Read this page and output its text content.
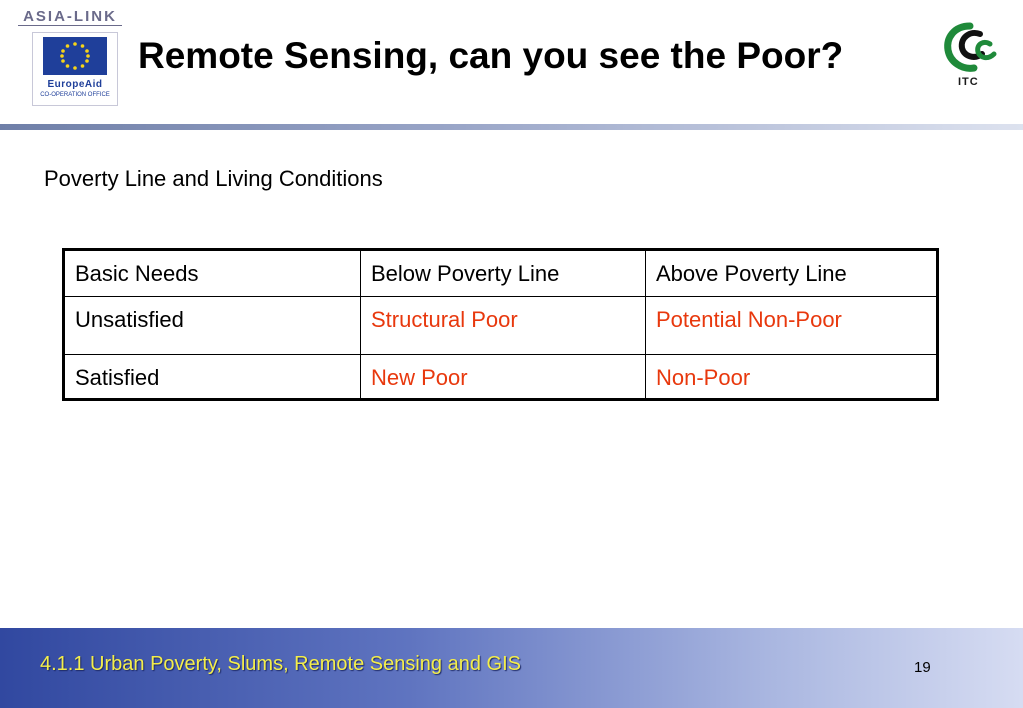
ASIA-LINK
EuropeAid
CO-OPERATION OFFICE
Remote Sensing, can you see the Poor?
ITC
Poverty Line and Living Conditions
Basic Needs	Below Poverty Line	Above Poverty Line
Unsatisfied	Structural Poor	Potential Non-Poor
Satisfied	New Poor	Non-Poor
4.1.1 Urban Poverty, Slums, Remote Sensing and GIS	19
